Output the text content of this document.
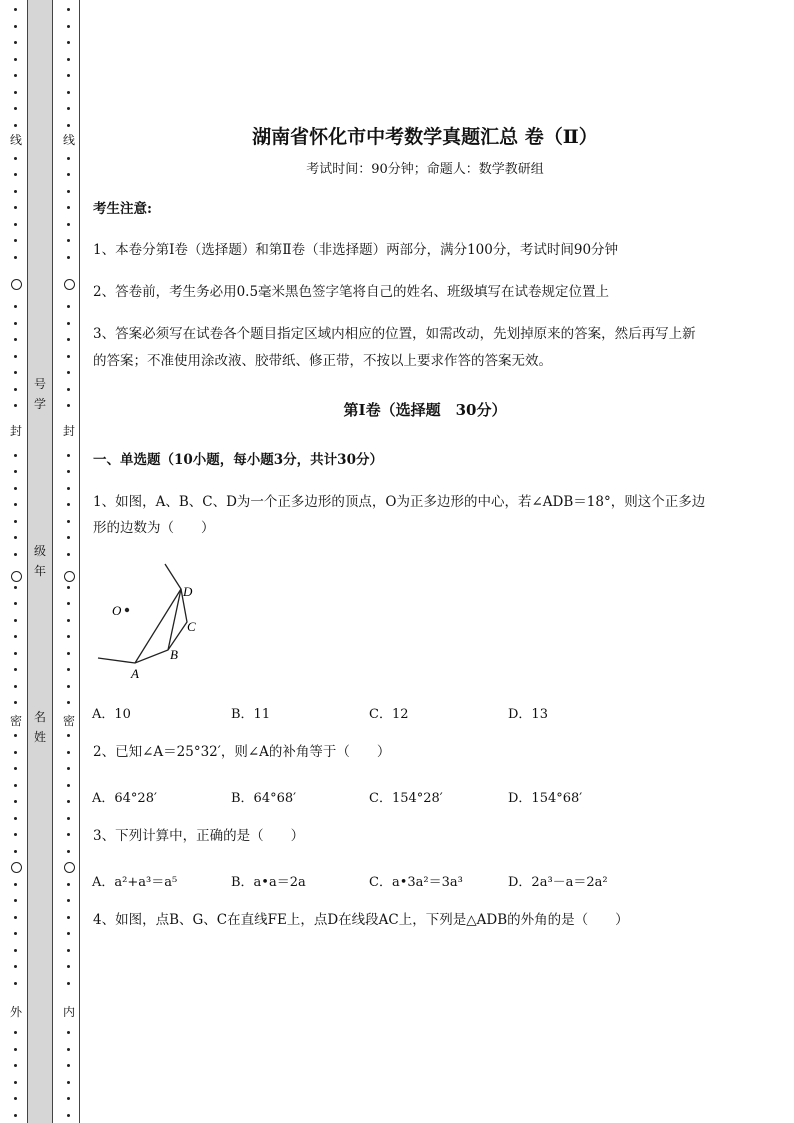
线
封
密
外
线
封
密
内
号学
级年
名姓
湖南省怀化市中考数学真题汇总 卷（Ⅱ）
考试时间：90分钟；命题人：数学教研组
考生注意:
1、本卷分第I卷（选择题）和第Ⅱ卷（非选择题）两部分，满分100分，考试时间90分钟
2、答卷前，考生务必用0.5毫米黑色签字笔将自己的姓名、班级填写在试卷规定位置上
3、答案必须写在试卷各个题目指定区域内相应的位置，如需改动，先划掉原来的答案，然后再写上新
的答案；不准使用涂改液、胶带纸、修正带，不按以上要求作答的答案无效。
第I卷（选择题　30分）
一、单选题（10小题，每小题3分，共计30分）
1、如图，A、B、C、D为一个正多边形的顶点，O为正多边形的中心，若∠ADB＝18°，则这个正多边
形的边数为（　　）
O
A
B
C
D
A．10	B．11	C．12	D．13
2、已知∠A＝25°32′，则∠A的补角等于（　　）
A．64°28′	B．64°68′	C．154°28′	D．154°68′
3、下列计算中，正确的是（　　）
A．a²+a³＝a⁵	B．a•a＝2a	C．a•3a²＝3a³	D．2a³－a＝2a²
4、如图，点B、G、C在直线FE上，点D在线段AC上，下列是△ADB的外角的是（　　）
